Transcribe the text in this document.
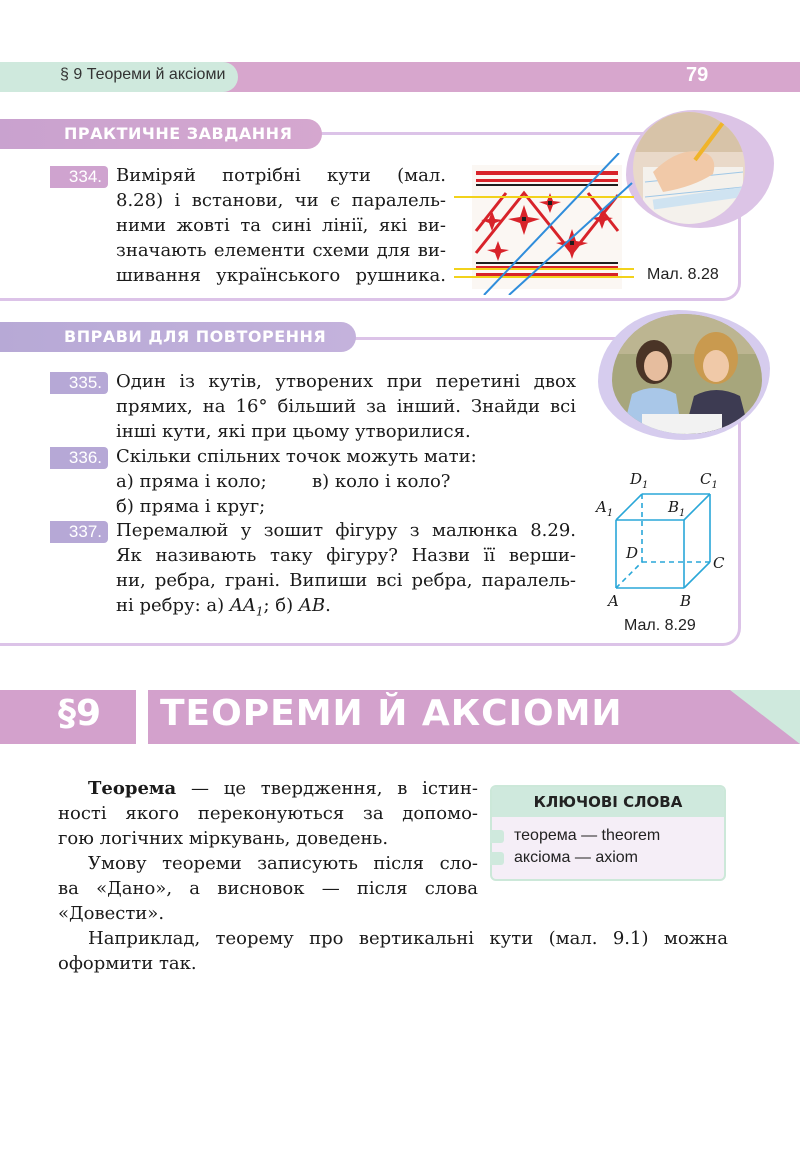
§ 9 Теореми й аксіоми	79
ПРАКТИЧНЕ ЗАВДАННЯ
334. Виміряй потрібні кути (мал.
8.28) і встанови, чи є паралель-
ними жовті та сині лінії, які ви-
значають елементи схеми для ви-
шивання українського рушника.	Мал. 8.28
ВПРАВИ ДЛЯ ПОВТОРЕННЯ
335. Один із кутів, утворених при перетині двох
прямих, на 16° більший за інший. Знайди всі
інші кути, які при цьому утворилися.
336. Скільки спільних точок можуть мати:
а) пряма і коло;	в) коло і коло?
б) пряма і круг;
337. Перемалюй у зошит фігуру з малюнка 8.29.
Як називають таку фігуру? Назви її верши-
ни, ребра, грані. Випиши всі ребра, паралель-
ні ребру: а) $AA_1$; б) AB.
$D_1$	$C_1$
$A_1$	$B_1$
D
C
A	B
Мал. 8.29
§9 ТЕОРЕМИ Й АКСІОМИ
Теорема — це твердження, в істин-
ності якого переконуються за допомо-
гою логічних міркувань, доведень.
Умову теореми записують після сло-
ва «Дано», а висновок — після слова
«Довести».
Наприклад, теорему про вертикальні кути (мал. 9.1) можна
оформити так.
КЛЮЧОВІ СЛОВА
теорема — theorem
аксіома — axiom
